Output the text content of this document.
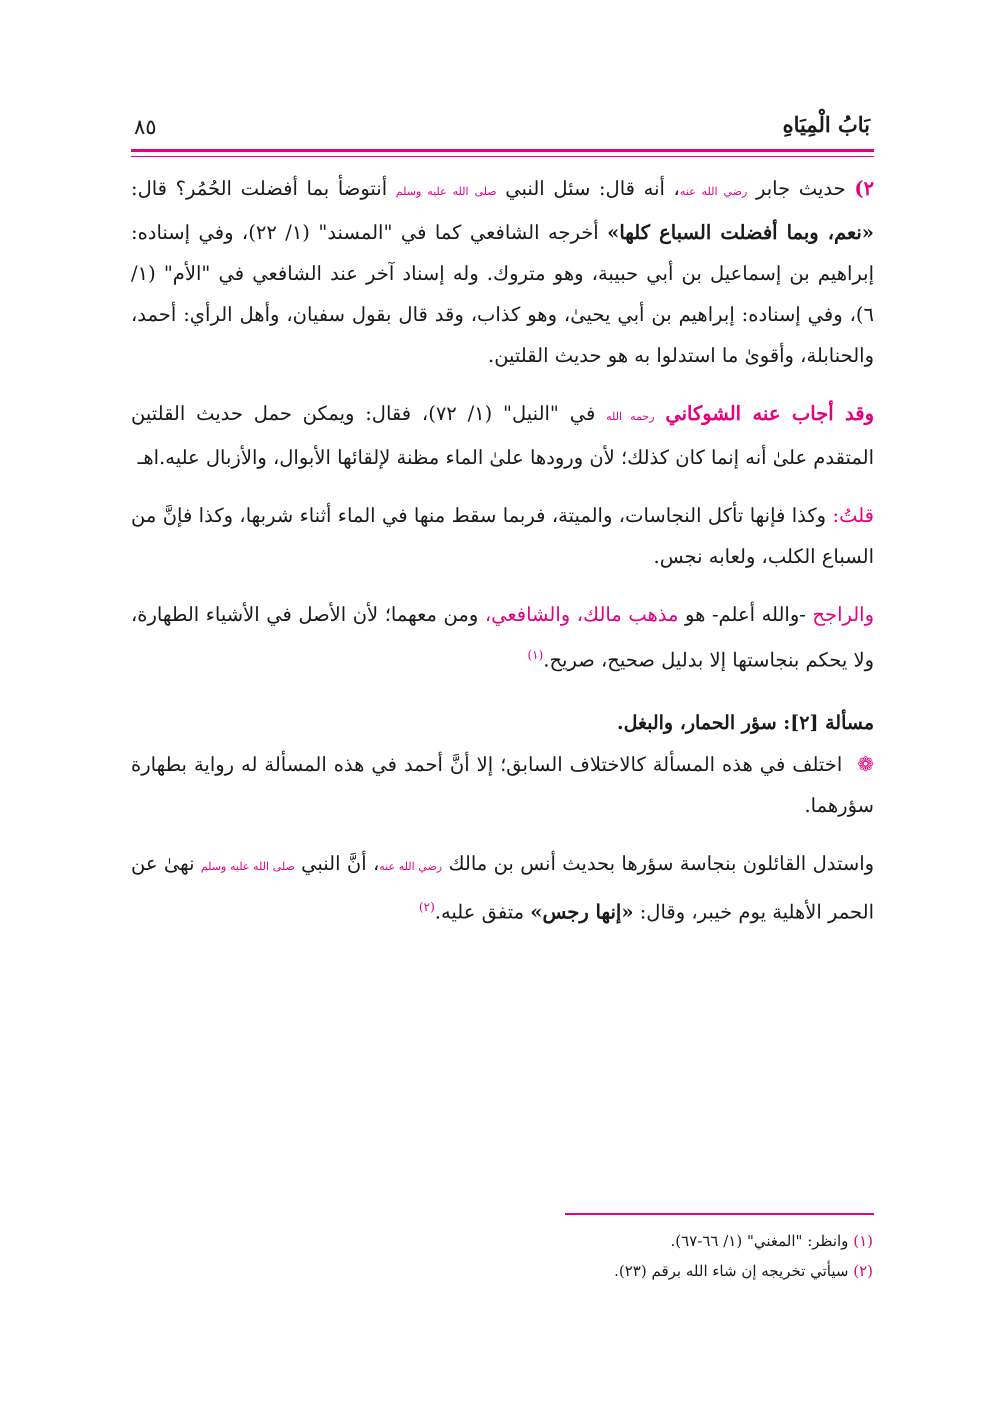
بَابُ الْمِيَاهِ
٨٥

٢) حديث جابر رضي الله عنه، أنه قال: سئل النبي صلى الله عليه وسلم أنتوضأ بما أفضلت الحُمُر؟ قال: «نعم، وبما أفضلت السباع كلها» أخرجه الشافعي كما في "المسند" (١/ ٢٢)، وفي إسناده: إبراهيم بن إسماعيل بن أبي حبيبة، وهو متروك. وله إسناد آخر عند الشافعي في "الأم" (١/ ٦)، وفي إسناده: إبراهيم بن أبي يحيىٰ، وهو كذاب، وقد قال بقول سفيان، وأهل الرأي: أحمد، والحنابلة، وأقوىٰ ما استدلوا به هو حديث القلتين.

وقد أجاب عنه الشوكاني رحمه الله في "النيل" (١/ ٧٢)، فقال: ويمكن حمل حديث القلتين المتقدم علىٰ أنه إنما كان كذلك؛ لأن ورودها علىٰ الماء مظنة لإلقائها الأبوال، والأزبال عليه.اهـ

قلتُ: وكذا فإنها تأكل النجاسات، والميتة، فربما سقط منها في الماء أثناء شربها، وكذا فإنَّ من السباع الكلب، ولعابه نجس.

والراجح -والله أعلم- هو مذهب مالك، والشافعي، ومن معهما؛ لأن الأصل في الأشياء الطهارة، ولا يحكم بنجاستها إلا بدليل صحيح، صريح.$^{(١)}$

مسألة [٢]: سؤر الحمار، والبغل.

❁ اختلف في هذه المسألة كالاختلاف السابق؛ إلا أنَّ أحمد في هذه المسألة له رواية بطهارة سؤرهما.

واستدل القائلون بنجاسة سؤرها بحديث أنس بن مالك رضي الله عنه، أنَّ النبي صلى الله عليه وسلم نهىٰ عن الحمر الأهلية يوم خيبر، وقال: «إنها رجس» متفق عليه.$^{(٢)}$

(١) وانظر: "المغني" (١/ ٦٦-٦٧).

(٢) سيأتي تخريجه إن شاء الله برقم (٢٣).
